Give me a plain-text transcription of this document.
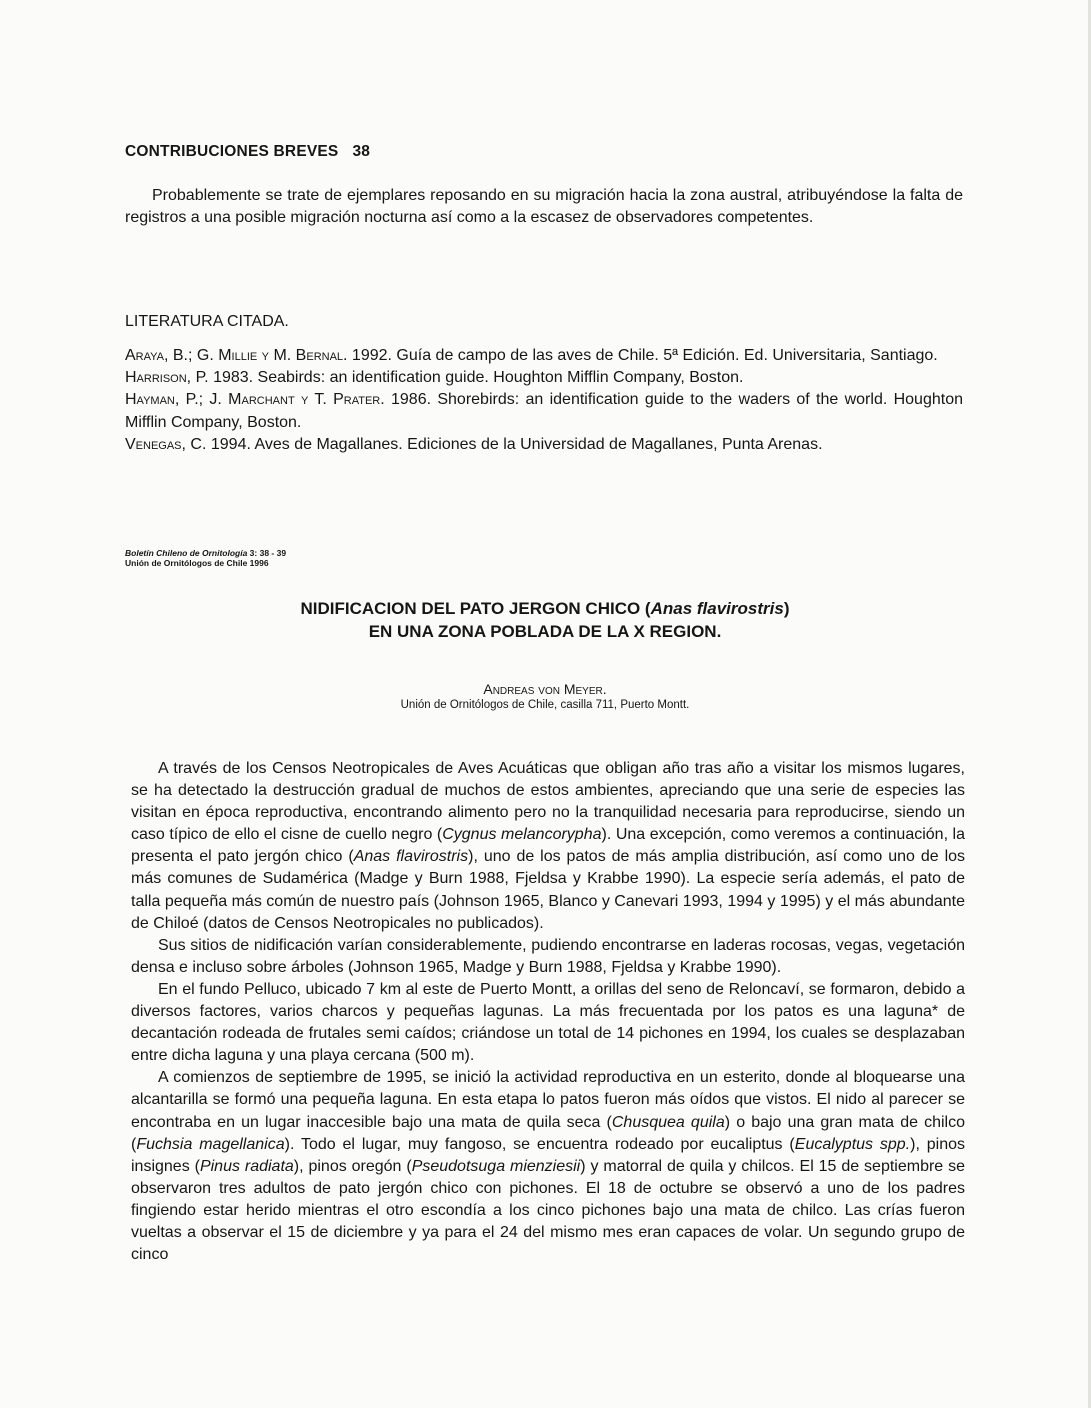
CONTRIBUCIONES BREVES 38
Probablemente se trate de ejemplares reposando en su migración hacia la zona austral, atribuyéndose la falta de registros a una posible migración nocturna así como a la escasez de observadores competentes.
LITERATURA CITADA.

Araya, B.; G. Millie y M. Bernal. 1992. Guía de campo de las aves de Chile. 5ª Edición. Ed. Universitaria, Santiago.

Harrison, P. 1983. Seabirds: an identification guide. Houghton Mifflin Company, Boston.

Hayman, P.; J. Marchant y T. Prater. 1986. Shorebirds: an identification guide to the waders of the world. Houghton Mifflin Company, Boston.

Venegas, C. 1994. Aves de Magallanes. Ediciones de la Universidad de Magallanes, Punta Arenas.

Boletín Chileno de Ornitología 3: 38 - 39
Unión de Ornitólogos de Chile 1996
NIDIFICACION DEL PATO JERGON CHICO (Anas flavirostris)
EN UNA ZONA POBLADA DE LA X REGION.
Andreas von Meyer.
Unión de Ornitólogos de Chile, casilla 711, Puerto Montt.

A través de los Censos Neotropicales de Aves Acuáticas que obligan año tras año a visitar los mismos lugares, se ha detectado la destrucción gradual de muchos de estos ambientes, apreciando que una serie de especies las visitan en época reproductiva, encontrando alimento pero no la tranquilidad necesaria para reproducirse, siendo un caso típico de ello el cisne de cuello negro (Cygnus melancorypha). Una excepción, como veremos a continuación, la presenta el pato jergón chico (Anas flavirostris), uno de los patos de más amplia distribución, así como uno de los más comunes de Sudamérica (Madge y Burn 1988, Fjeldsa y Krabbe 1990). La especie sería además, el pato de talla pequeña más común de nuestro país (Johnson 1965, Blanco y Canevari 1993, 1994 y 1995) y el más abundante de Chiloé (datos de Censos Neotropicales no publicados).

Sus sitios de nidificación varían considerablemente, pudiendo encontrarse en laderas rocosas, vegas, vegetación densa e incluso sobre árboles (Johnson 1965, Madge y Burn 1988, Fjeldsa y Krabbe 1990).

En el fundo Pelluco, ubicado 7 km al este de Puerto Montt, a orillas del seno de Reloncaví, se formaron, debido a diversos factores, varios charcos y pequeñas lagunas. La más frecuentada por los patos es una laguna* de decantación rodeada de frutales semi caídos; criándose un total de 14 pichones en 1994, los cuales se desplazaban entre dicha laguna y una playa cercana (500 m).

A comienzos de septiembre de 1995, se inició la actividad reproductiva en un esterito, donde al bloquearse una alcantarilla se formó una pequeña laguna. En esta etapa lo patos fueron más oídos que vistos. El nido al parecer se encontraba en un lugar inaccesible bajo una mata de quila seca (Chusquea quila) o bajo una gran mata de chilco (Fuchsia magellanica). Todo el lugar, muy fangoso, se encuentra rodeado por eucaliptus (Eucalyptus spp.), pinos insignes (Pinus radiata), pinos oregón (Pseudotsuga mienziesii) y matorral de quila y chilcos. El 15 de septiembre se observaron tres adultos de pato jergón chico con pichones. El 18 de octubre se observó a uno de los padres fingiendo estar herido mientras el otro escondía a los cinco pichones bajo una mata de chilco. Las crías fueron vueltas a observar el 15 de diciembre y ya para el 24 del mismo mes eran capaces de volar. Un segundo grupo de cinco
